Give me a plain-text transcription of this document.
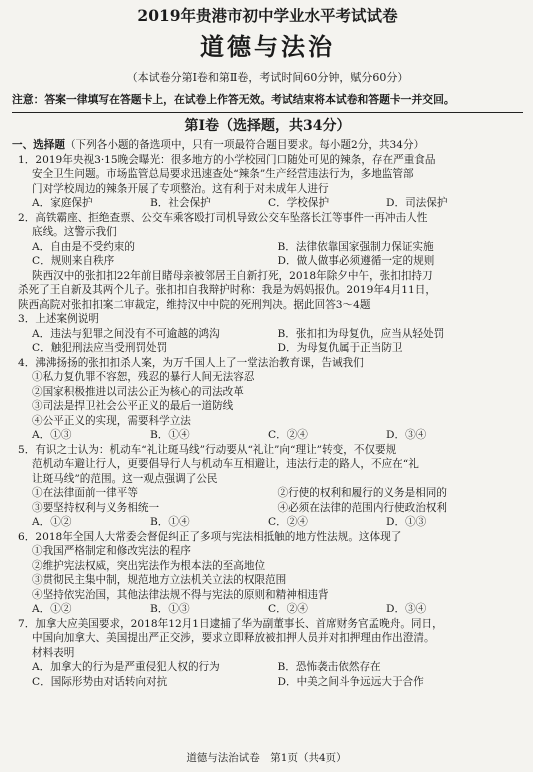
2019年贵港市初中学业水平考试试卷
道德与法治
（本试卷分第Ⅰ卷和第Ⅱ卷，考试时间60分钟，赋分60分）
注意：答案一律填写在答题卡上，在试卷上作答无效。考试结束将本试卷和答题卡一并交回。
第Ⅰ卷（选择题，共34分）
一、选择题（下列各小题的备选项中，只有一项最符合题目要求。每小题2分，共34分）
1．2019年央视3·15晚会曝光：很多地方的小学校园门口随处可见的辣条，存在严重食品
安全卫生问题。市场监管总局要求迅速查处“辣条”生产经营违法行为，多地监管部
门对学校周边的辣条开展了专项整治。这有利于对未成年人进行
A．家庭保护	B．社会保护	C．学校保护	D．司法保护
2．高铁霸座、拒绝查票、公交车乘客殴打司机导致公交车坠落长江等事件一再冲击人性
底线。这警示我们
A．自由是不受约束的	B．法律依靠国家强制力保证实施
C．规则来自秩序	D．做人做事必须遵循一定的规则
陕西汉中的张扣扣22年前目睹母亲被邻居王自新打死，2018年除夕中午，张扣扣持刀
杀死了王自新及其两个儿子。张扣扣自我辩护时称：我是为妈妈报仇。2019年4月11日，
陕西高院对张扣扣案二审裁定，维持汉中中院的死刑判决。据此回答3～4题
3．上述案例说明
A．违法与犯罪之间没有不可逾越的鸿沟	B．张扣扣为母复仇，应当从轻处罚
C．触犯刑法应当受刑罚处罚	D．为母复仇属于正当防卫
4．沸沸扬扬的张扣扣杀人案，为万千国人上了一堂法治教育课，告诫我们
①私力复仇罪不容恕，残忍的暴行人间无法容忍
②国家积极推进以司法公正为核心的司法改革
③司法是捍卫社会公平正义的最后一道防线
④公平正义的实现，需要科学立法
A．①③	B．①④	C．②④	D．③④
5．有识之士认为：机动车“礼让斑马线”行动要从“礼让”向“理让”转变，不仅要规
范机动车避让行人，更要倡导行人与机动车互相避让，违法行走的路人，不应在“礼
让斑马线”的范围。这一观点强调了公民
①在法律面前一律平等	②行使的权利和履行的义务是相同的
③要坚持权利与义务相统一	④必须在法律的范围内行使政治权利
A．①②	B．①④	C．②④	D．①③
6．2018年全国人大常委会督促纠正了多项与宪法相抵触的地方性法规。这体现了
①我国严格制定和修改宪法的程序
②维护宪法权威，突出宪法作为根本法的至高地位
③贯彻民主集中制，规范地方立法机关立法的权限范围
④坚持依宪治国，其他法律法规不得与宪法的原则和精神相违背
A．①②	B．①③	C．②④	D．③④
7．加拿大应美国要求，2018年12月1日逮捕了华为副董事长、首席财务官孟晚舟。同日，
中国向加拿大、美国提出严正交涉，要求立即释放被扣押人员并对扣押理由作出澄清。
材料表明
A．加拿大的行为是严重侵犯人权的行为	B．恐怖袭击依然存在
C．国际形势由对话转向对抗	D．中美之间斗争远远大于合作
道德与法治试卷　第1页（共4页）
